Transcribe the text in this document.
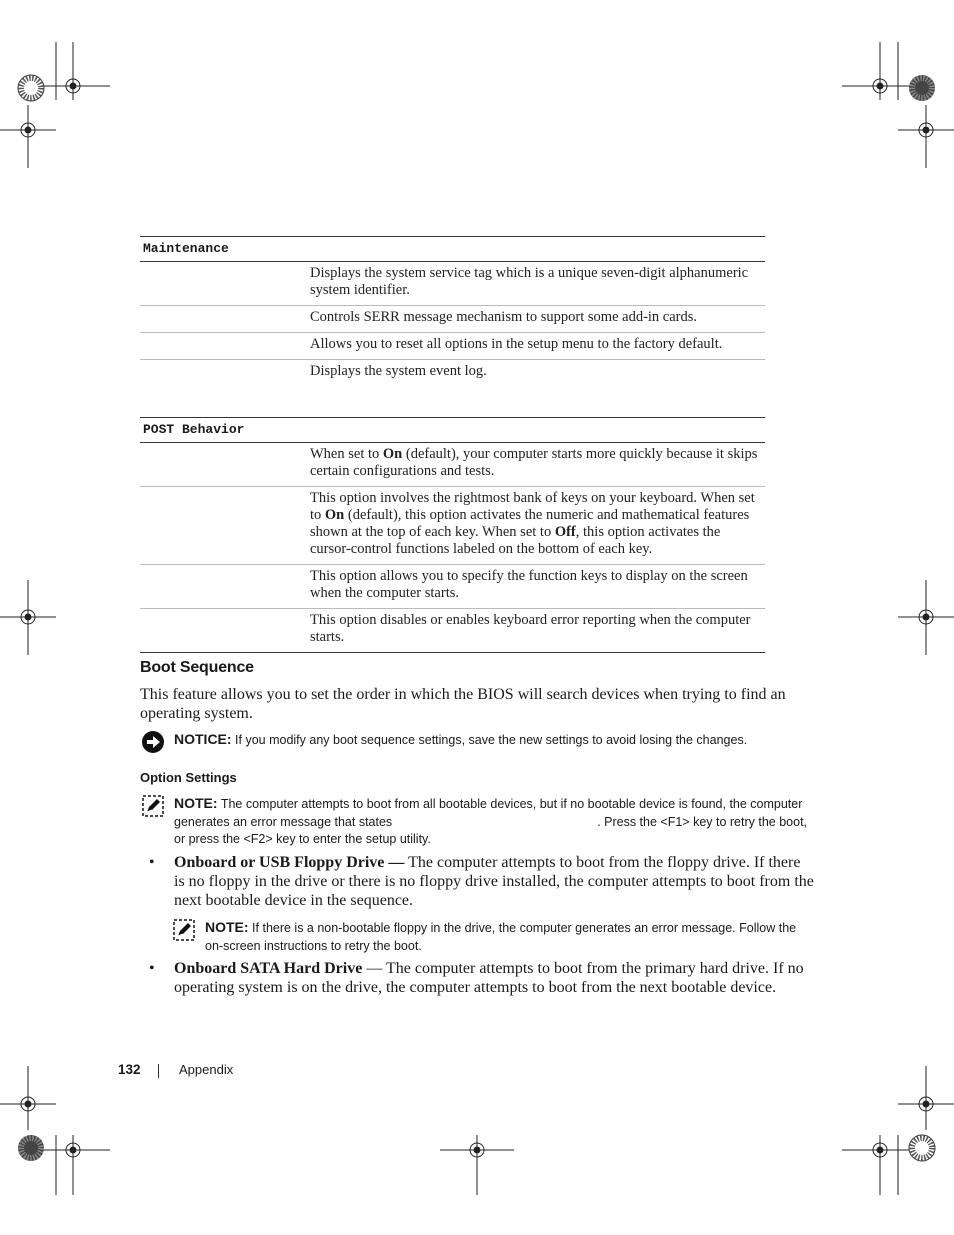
Maintenance
Displays the system service tag which is a unique seven-digit alphanumeric system identifier.
Controls SERR message mechanism to support some add-in cards.
Allows you to reset all options in the setup menu to the factory default.
Displays the system event log.
POST Behavior
When set to On (default), your computer starts more quickly because it skips certain configurations and tests.
This option involves the rightmost bank of keys on your keyboard. When set to On (default), this option activates the numeric and mathematical features shown at the top of each key. When set to Off, this option activates the cursor-control functions labeled on the bottom of each key.
This option allows you to specify the function keys to display on the screen when the computer starts.
This option disables or enables keyboard error reporting when the computer starts.
Boot Sequence
This feature allows you to set the order in which the BIOS will search devices when trying to find an operating system.
NOTICE: If you modify any boot sequence settings, save the new settings to avoid losing the changes.
Option Settings
NOTE: The computer attempts to boot from all bootable devices, but if no bootable device is found, the computer generates an error message that states	. Press the <F1> key to retry the boot, or press the <F2> key to enter the setup utility.
• Onboard or USB Floppy Drive — The computer attempts to boot from the floppy drive. If there is no floppy in the drive or there is no floppy drive installed, the computer attempts to boot from the next bootable device in the sequence.
NOTE: If there is a non-bootable floppy in the drive, the computer generates an error message. Follow the on-screen instructions to retry the boot.
• Onboard SATA Hard Drive — The computer attempts to boot from the primary hard drive. If no operating system is on the drive, the computer attempts to boot from the next bootable device.
132	Appendix
